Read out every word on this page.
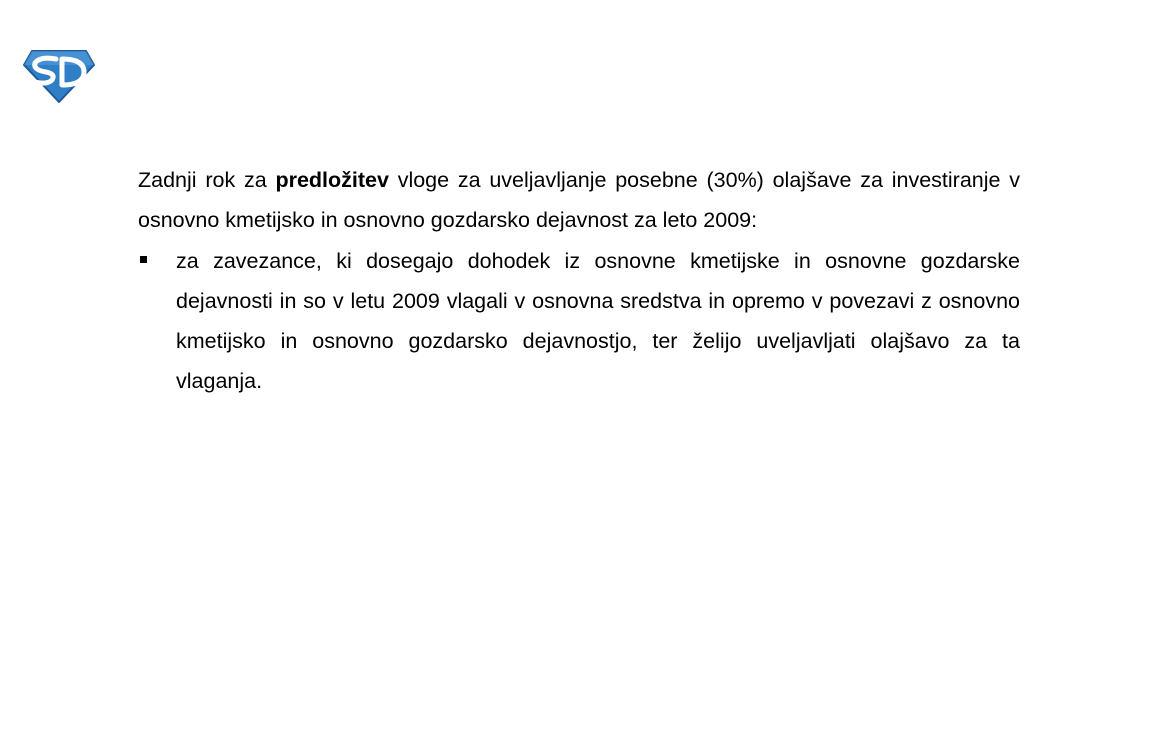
Zadnji rok za predložitev vloge za uveljavljanje posebne (30%) olajšave za investiranje v osnovno kmetijsko in osnovno gozdarsko dejavnost za leto 2009:

za zavezance, ki dosegajo dohodek iz osnovne kmetijske in osnovne gozdarske dejavnosti in so v letu 2009 vlagali v osnovna sredstva in opremo v povezavi z osnovno kmetijsko in osnovno gozdarsko dejavnostjo, ter želijo uveljavljati olajšavo za ta vlaganja.
